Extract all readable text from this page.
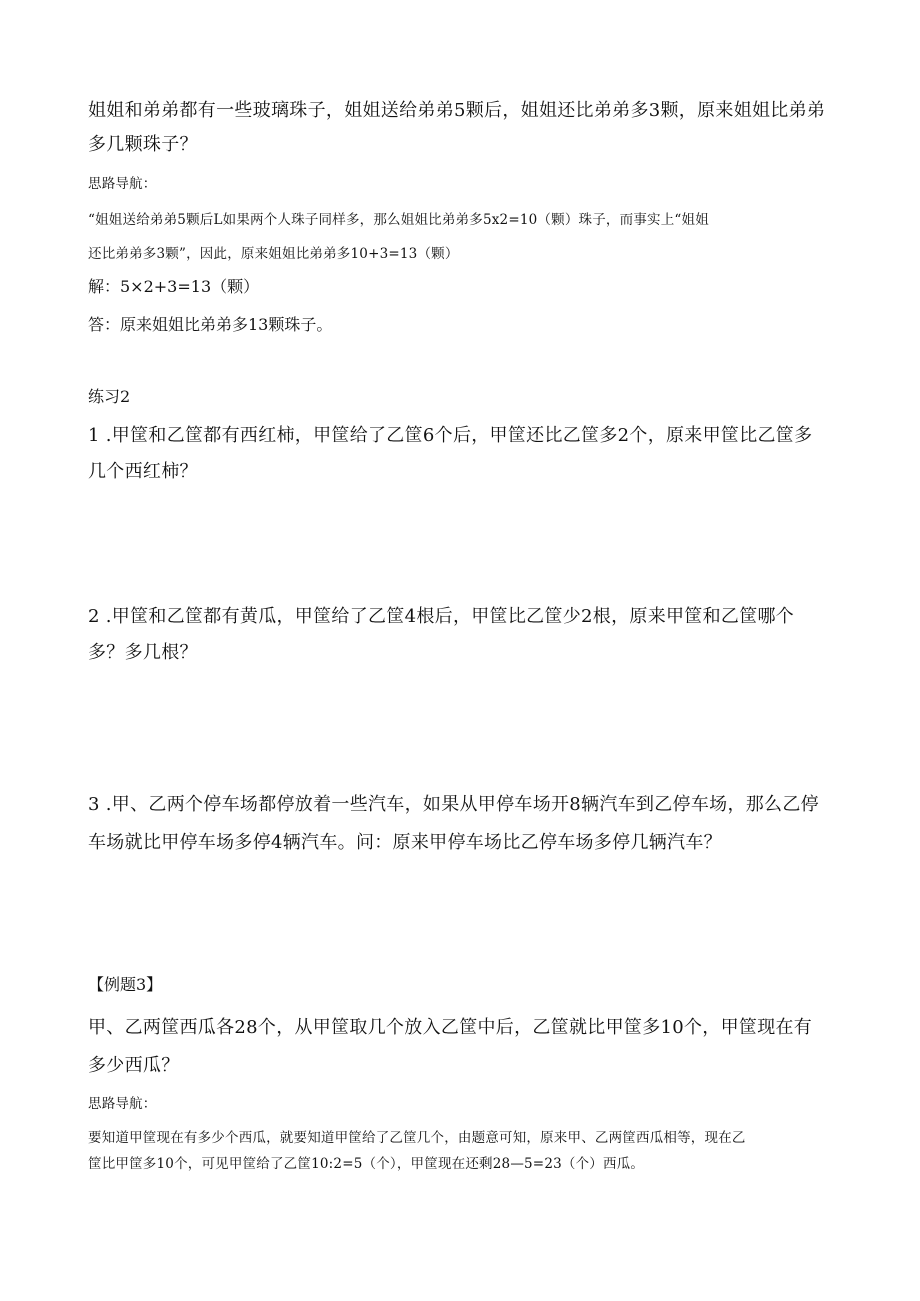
姐姐和弟弟都有一些玻璃珠子，姐姐送给弟弟5颗后，姐姐还比弟弟多3颗，原来姐姐比弟弟

多几颗珠子？

思路导航：

“姐姐送给弟弟5颗后L如果两个人珠子同样多，那么姐姐比弟弟多5x2=10（颗）珠子，而事实上“姐姐

还比弟弟多3颗”，因此，原来姐姐比弟弟多10+3=13（颗）

解：5×2+3=13（颗）

答：原来姐姐比弟弟多13颗珠子。

练习2

1 .甲筐和乙筐都有西红柿，甲筐给了乙筐6个后，甲筐还比乙筐多2个，原来甲筐比乙筐多

几个西红柿？

2 .甲筐和乙筐都有黄瓜，甲筐给了乙筐4根后，甲筐比乙筐少2根，原来甲筐和乙筐哪个

多？多几根？

3 .甲、乙两个停车场都停放着一些汽车，如果从甲停车场开8辆汽车到乙停车场，那么乙停

车场就比甲停车场多停4辆汽车。问：原来甲停车场比乙停车场多停几辆汽车？

【例题3】

甲、乙两筐西瓜各28个，从甲筐取几个放入乙筐中后，乙筐就比甲筐多10个，甲筐现在有

多少西瓜？

思路导航：

要知道甲筐现在有多少个西瓜，就要知道甲筐给了乙筐几个，由题意可知，原来甲、乙两筐西瓜相等，现在乙

筐比甲筐多10个，可见甲筐给了乙筐10:2=5（个），甲筐现在还剩28—5=23（个）西瓜。
